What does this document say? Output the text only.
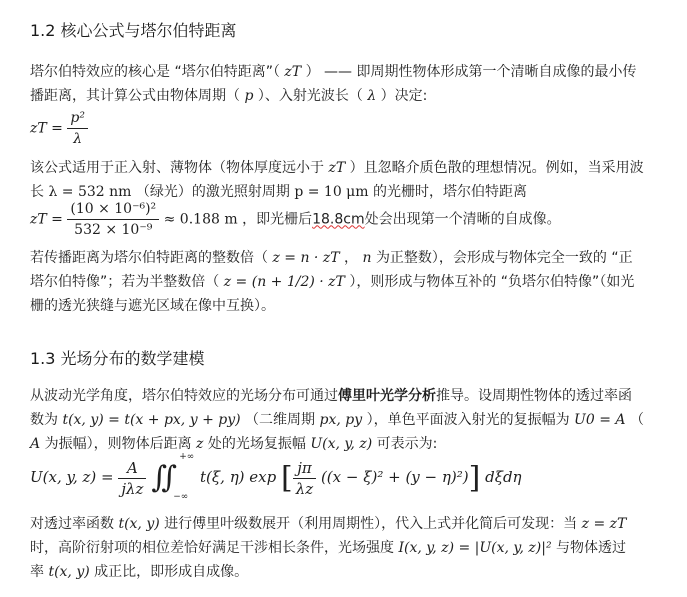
1.2 核心公式与塔尔伯特距离
塔尔伯特效应的核心是 “塔尔伯特距离”（ zT ） —— 即周期性物体形成第一个清晰自成像的最小传
播距离，其计算公式由物体周期（ p ）、入射光波长（ λ ）决定:
zT = $\frac{\text{p²}}{\lambda}$
该公式适用于正入射、薄物体（物体厚度远小于 zT ）且忽略介质色散的理想情况。例如，当采用波
长 λ = 532 nm （绿光）的激光照射周期 p = 10 μm 的光栅时，塔尔伯特距离
zT = $\frac{\text{(10 × 10⁻⁶)²}}{\text{532 × 10⁻⁹}} \approx 0.188$ m ，即光栅后18.8cm处会出现第一个清晰的自成像。
若传播距离为塔尔伯特距离的整数倍（ z = n · zT ， n 为正整数），会形成与物体完全一致的 “正
塔尔伯特像”；若为半整数倍（ z = (n + 1/2) · zT ），则形成与物体互补的 “负塔尔伯特像”（如光
栅的透光狭缝与遮光区域在像中互换）。
1.3 光场分布的数学建模
从波动光学角度，塔尔伯特效应的光场分布可通过傅里叶光学分析推导。设周期性物体的透过率函
数为 t(x, y) = t(x + px, y + py) （二维周期 px, py ），单色平面波入射光的复振幅为 U0 = A （
A 为振幅），则物体后距离 z 处的光场复振幅 U(x, y, z) 可表示为:
U(x, y, $z) = \frac{A}{\text{jλz}}$
∬
+∞
−∞
t(ξ, η) exp [ $\frac{j\pi}{\lambda z} ((x - \xi)^2 + (y - \eta)^2)$] dξdη
对透过率函数 t(x, y) 进行傅里叶级数展开（利用周期性），代入上式并化简后可发现：当 z = zT
时，高阶衍射项的相位差恰好满足干涉相长条件，光场强度 I(x, y, z) = |U(x, y, z)|² 与物体透过
率 t(x, y) 成正比，即形成自成像。
